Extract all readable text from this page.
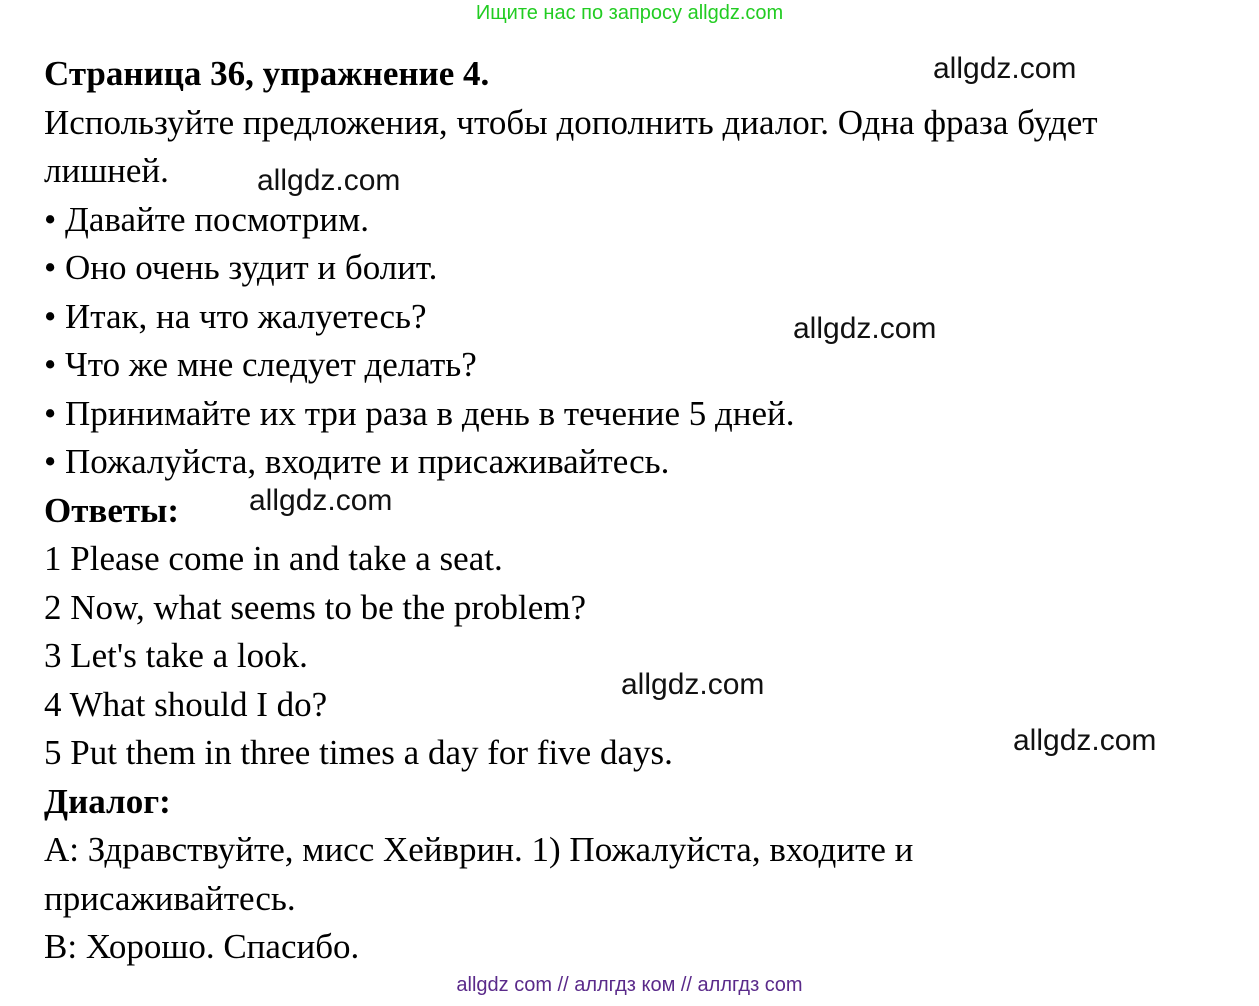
Ищите нас по запросу allgdz.com
Страница 36, упражнение 4.
Используйте предложения, чтобы дополнить диалог. Одна фраза будет
лишней.
• Давайте посмотрим.
• Оно очень зудит и болит.
• Итак, на что жалуетесь?
• Что же мне следует делать?
• Принимайте их три раза в день в течение 5 дней.
• Пожалуйста, входите и присаживайтесь.
Ответы:
1 Please come in and take a seat.
2 Now, what seems to be the problem?
3 Let's take a look.
4 What should I do?
5 Put them in three times a day for five days.
Диалог:
А: Здравствуйте, мисс Хейврин. 1) Пожалуйста, входите и
присаживайтесь.
В: Хорошо. Спасибо.
allgdz.com
allgdz.com
allgdz.com
allgdz.com
allgdz.com
allgdz.com
allgdz com // аллгдз ком // аллгдз com
